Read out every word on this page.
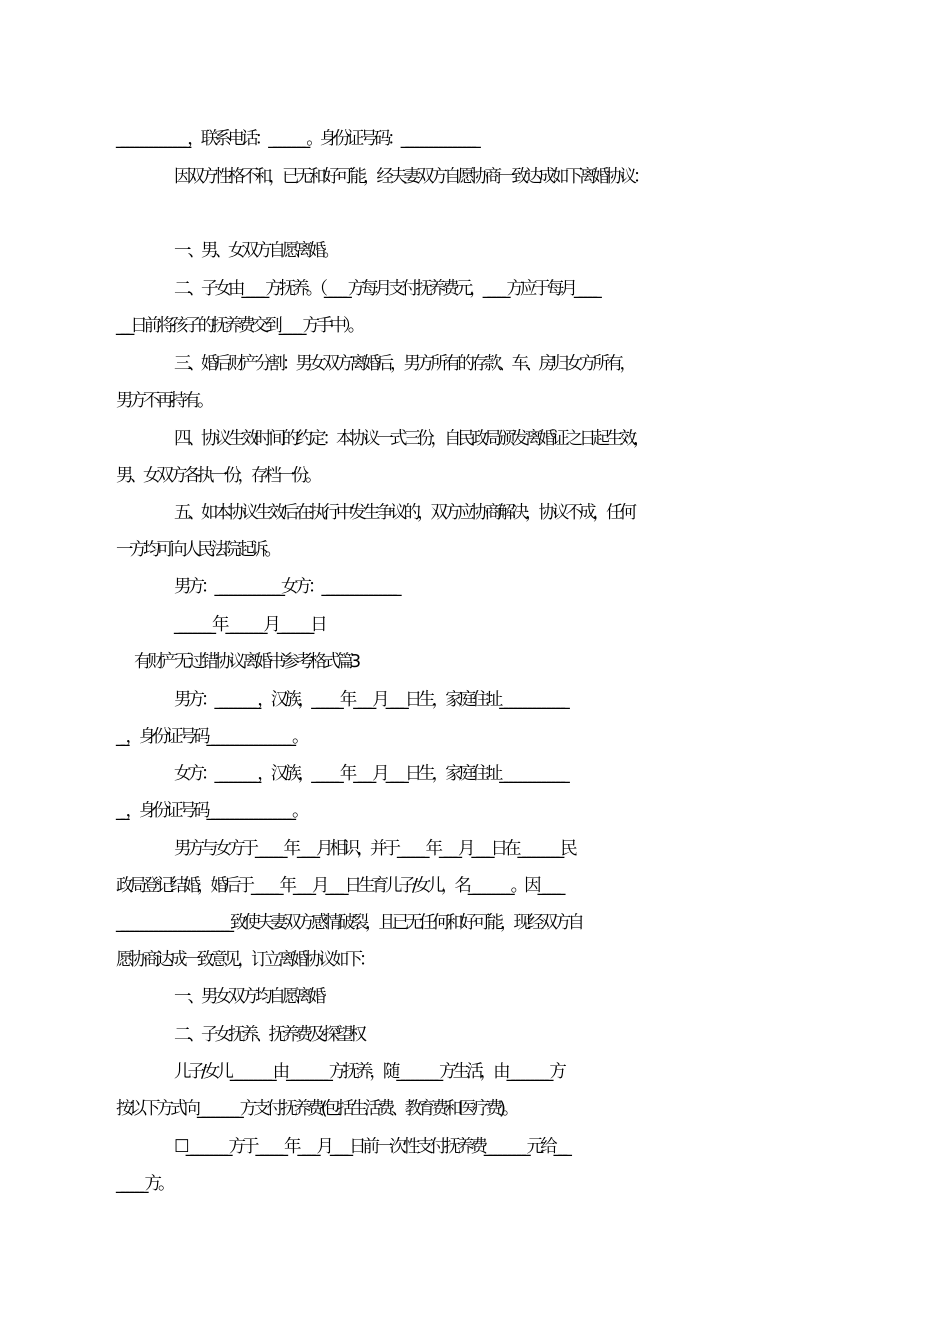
_______________，联系电话：________。身份证号码：________________
因双方性格不和，已无和好可能，经夫妻双方自愿协商一致达成如下离婚协议：
一、男、女双方自愿离婚。
二、子女由_____方抚养。（_____方每月支付抚养费元，_____方应于每月_____
___日前将孩子的抚养费交到_____方手中）。
三、婚后财产分割：男女双方离婚后，男方所有的存款、车、房归女方所有，
男方不再持有。
四、协议生效时间的约定：本协议一式三份，自民政局颁发离婚证之日起生效，
男、女双方各执一份，存档一份。
五、如本协议生效后在执行中发生争议的，双方应协商解决，协议不成，任何
一方均可向人民法院起诉。
男方：______________女方：________________
________年________月_______日
有财产无过错协议离婚书参考格式篇3
男方：_________，汉族，______年____月____日生，家庭住址______________
__，身份证号码__________________。
女方：_________，汉族，______年____月____日生，家庭住址______________
__，身份证号码__________________。
男方与女方于______年____月相识，并于______年____月____日在_________民
政局登记结婚，婚后于______年____月____日生育儿子/女儿，名_________。因_____
________________________致使夫妻双方感情破裂，且已无任何和好可能，现经双方自
愿协商达成一致意见，订立离婚协议如下：
一、男女双方均自愿离婚
二、子女抚养、抚养费及探望权
儿子/女儿_________由_________方抚养，随_________方生活，由_________方
按以下方式向_________方支付抚养费(包括生活费、教育费和医疗费)。
☐_________方于______年____月____日前一次性支付抚养费_________元给___
______方。
